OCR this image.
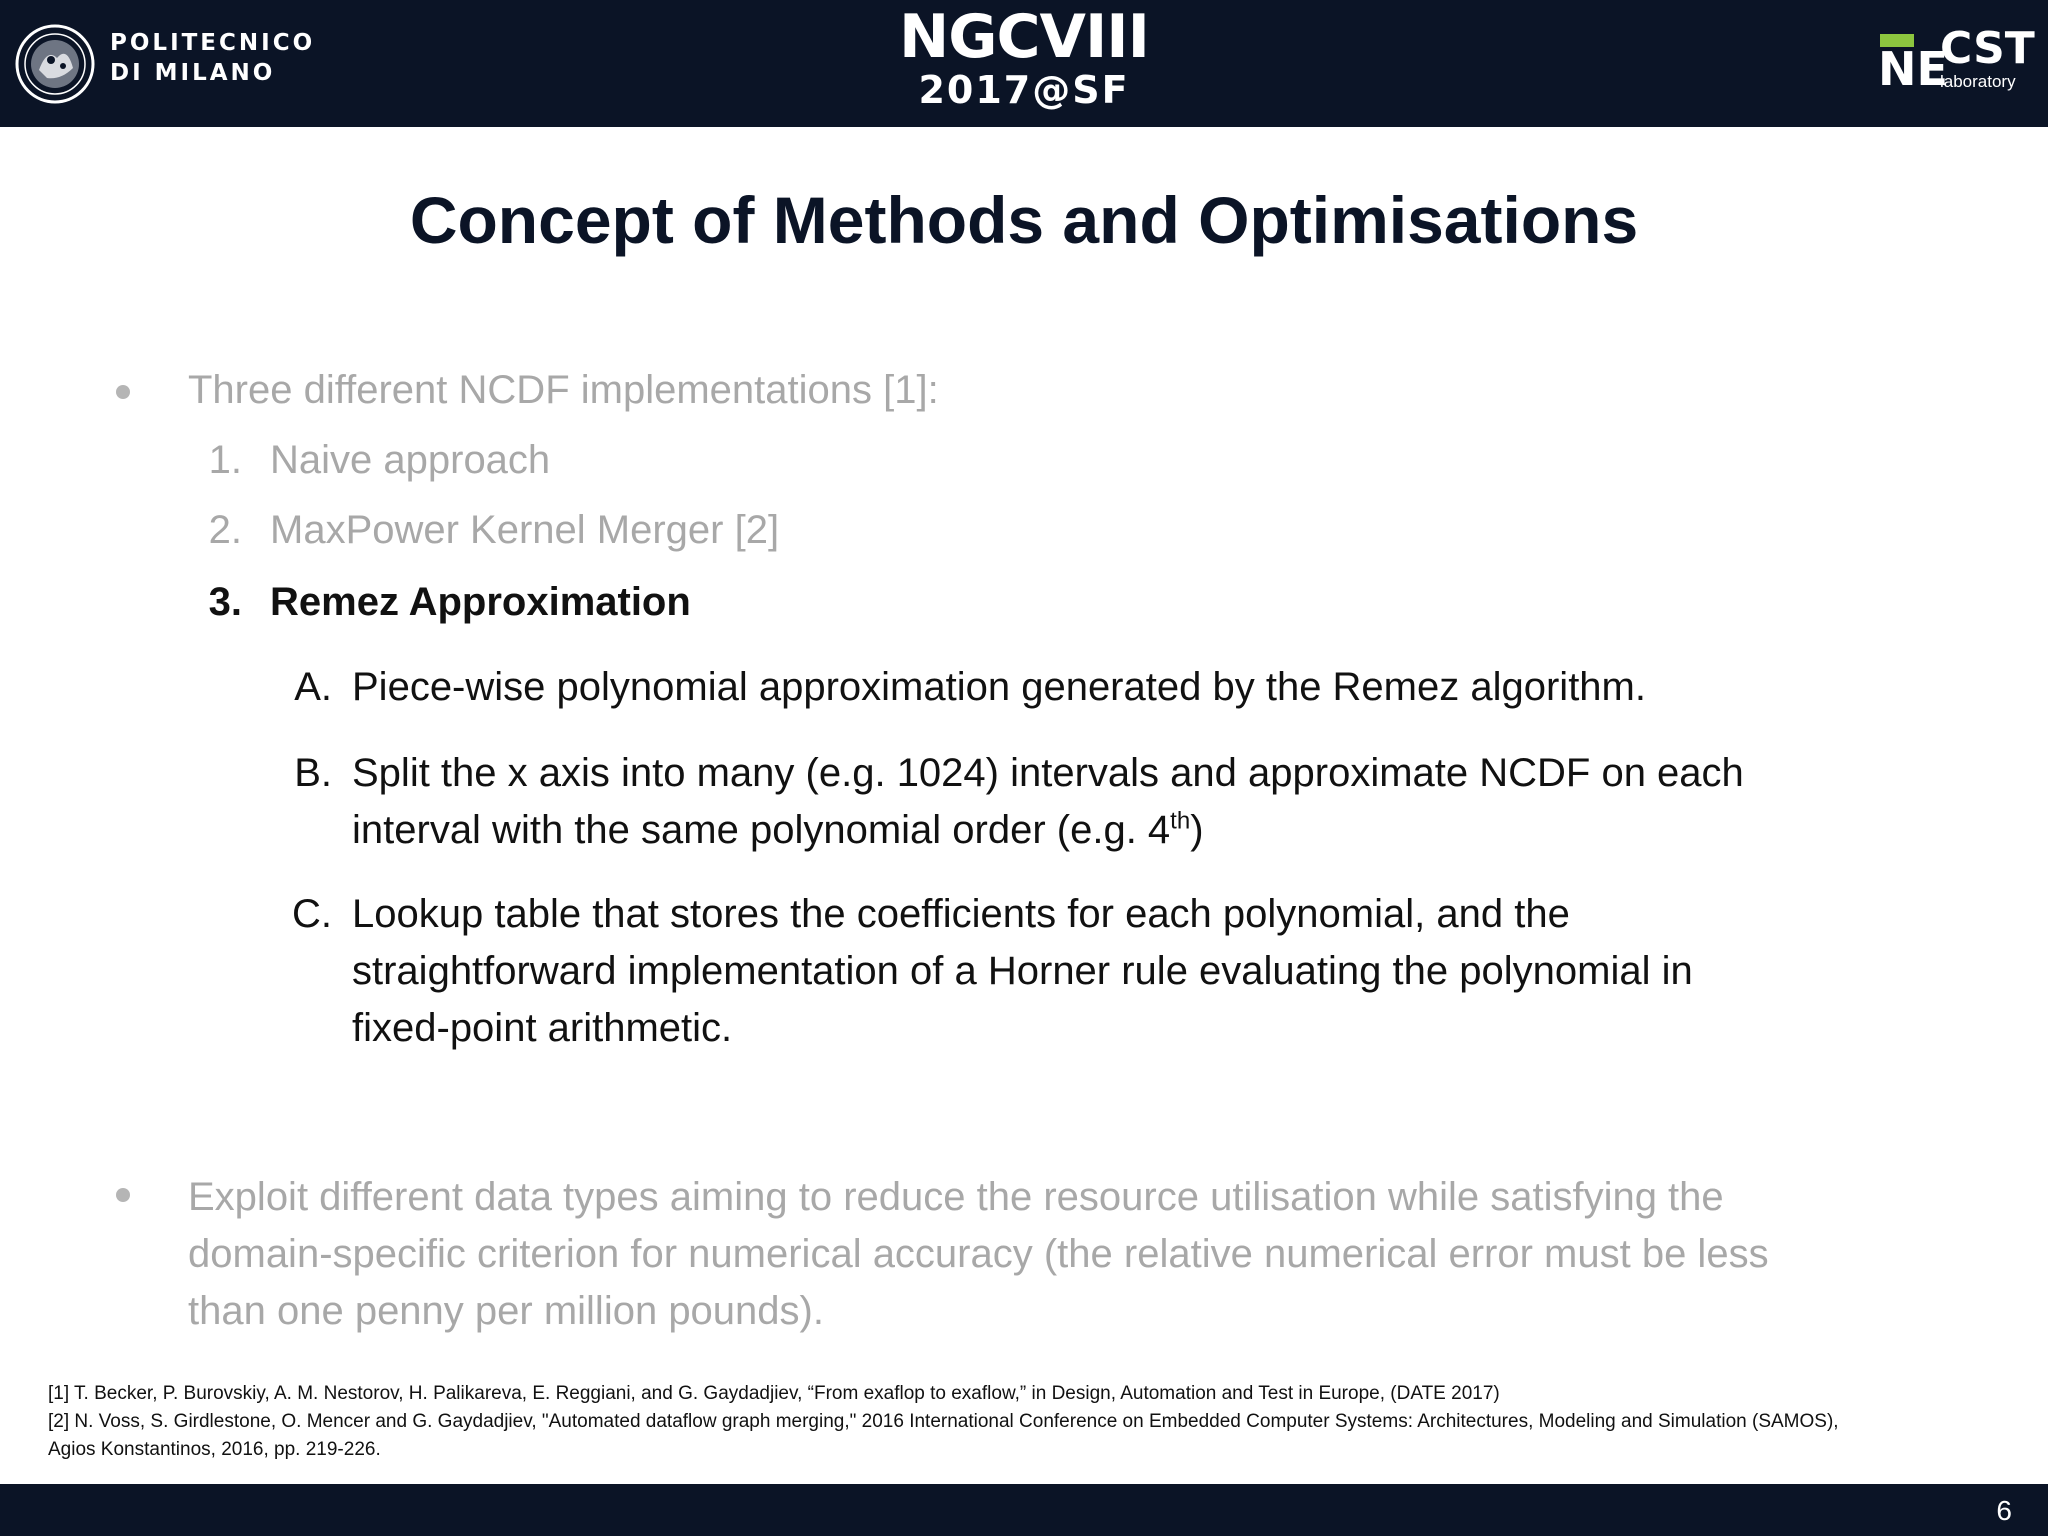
POLITECNICO
DI MILANO
NGCVIII
2017@SF	NE
CST
laboratory
Concept of Methods and Optimisations
Three different NCDF implementations [1]:
1. Naive approach
2. MaxPower Kernel Merger [2]
3. Remez Approximation
A. Piece-wise polynomial approximation generated by the Remez algorithm.
B. Split the x axis into many (e.g. 1024) intervals and approximate NCDF on each
interval with the same polynomial order (e.g. 4th)
C. Lookup table that stores the coefficients for each polynomial, and the
straightforward implementation of a Horner rule evaluating the polynomial in
fixed-point arithmetic.
Exploit different data types aiming to reduce the resource utilisation while satisfying the
domain-specific criterion for numerical accuracy (the relative numerical error must be less
than one penny per million pounds).
[1] T. Becker, P. Burovskiy, A. M. Nestorov, H. Palikareva, E. Reggiani, and G. Gaydadjiev, “From exaflop to exaflow,” in Design, Automation and Test in Europe, (DATE 2017)
[2] N. Voss, S. Girdlestone, O. Mencer and G. Gaydadjiev, "Automated dataflow graph merging," 2016 International Conference on Embedded Computer Systems: Architectures, Modeling and Simulation (SAMOS),
Agios Konstantinos, 2016, pp. 219-226.
6
